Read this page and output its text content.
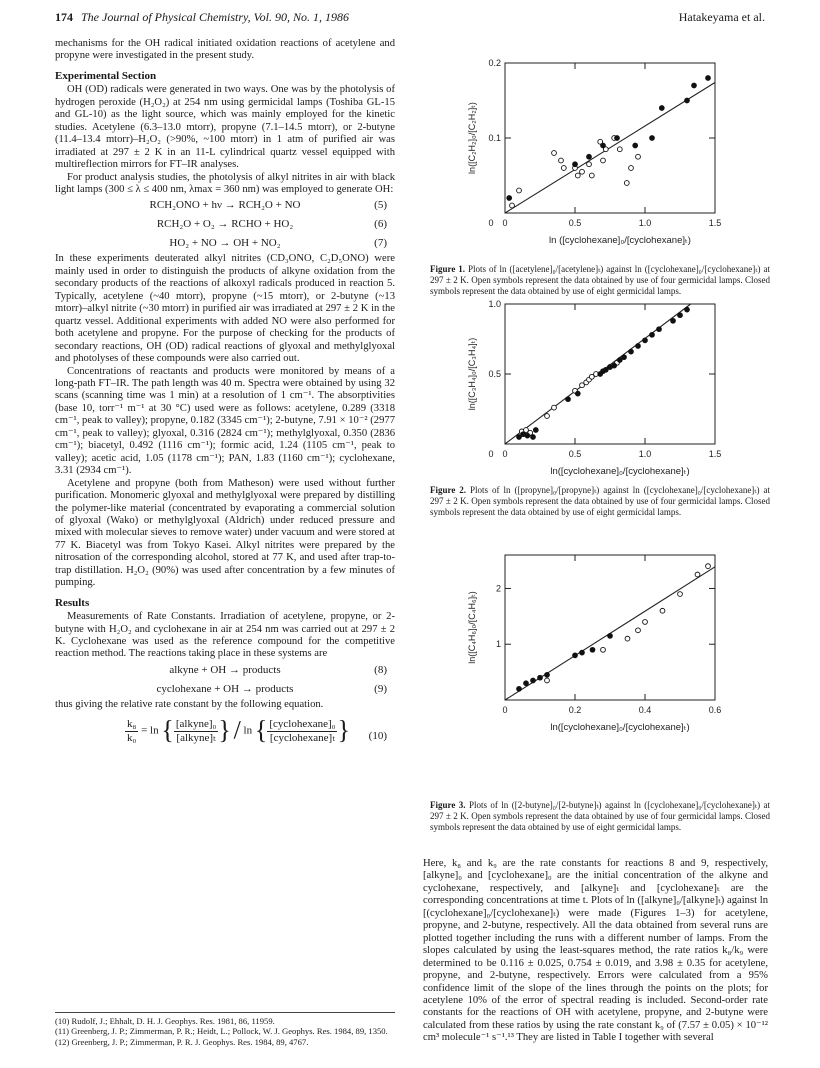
174 The Journal of Physical Chemistry, Vol. 90, No. 1, 1986	Hatakeyama et al.

mechanisms for the OH radical initiated oxidation reactions of acetylene and propyne were investigated in the present study.

Experimental Section

OH (OD) radicals were generated in two ways. One was by the photolysis of hydrogen peroxide (H₂O₂) at 254 nm using germicidal lamps (Toshiba GL-15 and GL-10) as the light source, which was mainly employed for the kinetic studies. Acetylene (6.3–13.0 mtorr), propyne (7.1–14.5 mtorr), or 2-butyne (11.4–13.4 mtorr)–H₂O₂ (>90%, ~100 mtorr) in 1 atm of purified air was irradiated at 297 ± 2 K in an 11-L cylindrical quartz vessel equipped with multireflection mirrors for FT–IR analyses.

For product analysis studies, the photolysis of alkyl nitrites in air with black light lamps (300 ≤ λ ≤ 400 nm, λmax = 360 nm) was employed to generate OH:

RCH₂ONO + hν → RCH₂O + NO	(5)
RCH₂O + O₂ → RCHO + HO₂	(6)
HO₂ + NO → OH + NO₂	(7)

In these experiments deuterated alkyl nitrites (CD₃ONO, C₂D₅ONO) were mainly used in order to distinguish the products of alkyne oxidation from the secondary products of the reactions of alkoxyl radicals produced in reaction 5. Typically, acetylene (~40 mtorr), propyne (~15 mtorr), or 2-butyne (~13 mtorr)–alkyl nitrite (~30 mtorr) in purified air was irradiated at 297 ± 2 K in the quartz vessel. Additional experiments with added NO were also performed for both acetylene and propyne. For the purpose of checking for the products of secondary reactions, OH (OD) radical reactions of glyoxal and methylglyoxal and photolyses of these compounds were also carried out.

Concentrations of reactants and products were monitored by means of a long-path FT–IR. The path length was 40 m. Spectra were obtained by using 32 scans (scanning time was 1 min) at a resolution of 1 cm⁻¹. The absorptivities (base 10, torr⁻¹ m⁻¹ at 30 °C) used were as follows: acetylene, 0.289 (3318 cm⁻¹, peak to valley); propyne, 0.182 (3345 cm⁻¹); 2-butyne, 7.91 × 10⁻² (2977 cm⁻¹, peak to valley); glyoxal, 0.316 (2824 cm⁻¹); methylglyoxal, 0.350 (2836 cm⁻¹); biacetyl, 0.492 (1116 cm⁻¹); formic acid, 1.24 (1105 cm⁻¹, peak to valley); acetic acid, 1.05 (1178 cm⁻¹); PAN, 1.83 (1160 cm⁻¹); cyclohexane, 3.31 (2934 cm⁻¹).

Acetylene and propyne (both from Matheson) were used without further purification. Monomeric glyoxal and methylglyoxal were prepared by distilling the polymer-like material (concentrated by evaporating a commercial solution of glyoxal (Wako) or methylglyoxal (Aldrich) under reduced pressure and mixed with molecular sieves to remove water) under vacuum and were stored at 77 K. Biacetyl was from Tokyo Kasei. Alkyl nitrites were prepared by the nitrosation of the corresponding alcohol, stored at 77 K, and used after trap-to-trap distillation. H₂O₂ (90%) was used after concentration by a few minutes of pumping.

Results

Measurements of Rate Constants. Irradiation of acetylene, propyne, or 2-butyne with H₂O₂ and cyclohexane in air at 254 nm was carried out at 297 ± 2 K. Cyclohexane was used as the reference compound for the competitive reaction method. The reactions taking place in these systems are

alkyne + OH → products	(8)
cyclohexane + OH → products	(9)

thus giving the relative rate constant by the following equation.

$\frac{\text{k₈}}{\text{k₀}} = \ln$ { [alkyne]₀
[alkyne]ₜ } / ln { [cyclohexane]₀
[cyclohexane]ₜ } (10)
(10) Rudolf, J.; Ehhalt, D. H. J. Geophys. Res. 1981, 86, 11959.
(11) Greenberg, J. P.; Zimmerman, P. R.; Heidt, L.; Pollock, W. J. Geophys. Res. 1984, 89, 1350.
(12) Greenberg, J. P.; Zimmerman, P. R. J. Geophys. Res. 1984, 89, 4767.
0	0.5	1.0	1.5
0.1
0.2
0
ln([C₂H₂]₀/[C₂H₂]ₜ)
ln ([cyclohexane]₀/[cyclohexane]ₜ)
Figure 1. Plots of ln ([acetylene]₀/[acetylene]ₜ) against ln ([cyclohexane]₀/[cyclohexane]ₜ) at 297 ± 2 K. Open symbols represent the data obtained by use of four germicidal lamps. Closed symbols represent the data obtained by use of eight germicidal lamps.
0	0.5	1.0	1.5
0.5
1.0
0
ln([C₃H₄]₀/[C₃H₄]ₜ)
ln([cyclohexane]₀/[cyclohexane]ₜ)
Figure 2. Plots of ln ([propyne]₀/[propyne]ₜ) against ln ([cyclohexane]₀/[cyclohexane]ₜ) at 297 ± 2 K. Open symbols represent the data obtained by use of four germicidal lamps. Closed symbols represent the data obtained by use of eight germicidal lamps.
0	0.2	0.4	0.6
1
2
ln([C₄H₆]₀/[C₄H₆]ₜ)
ln([cyclohexane]₀/[cyclohexane]ₜ)
Figure 3. Plots of ln ([2-butyne]₀/[2-butyne]ₜ) against ln ([cyclohexane]₀/[cyclohexane]ₜ) at 297 ± 2 K. Open symbols represent the data obtained by use of four germicidal lamps. Closed symbols represent the data obtained by use of eight germicidal lamps.
Here, k₈ and k₉ are the rate constants for reactions 8 and 9, respectively, [alkyne]₀ and [cyclohexane]₀ are the initial concentration of the alkyne and cyclohexane, respectively, and [alkyne]ₜ and [cyclohexane]ₜ are the corresponding concentrations at time t. Plots of ln ([alkyne]₀/[alkyne]ₜ) against ln [(cyclohexane]₀/[cyclohexane]ₜ) were made (Figures 1–3) for acetylene, propyne, and 2-butyne, respectively. All the data obtained from several runs are plotted together including the runs with a different number of lamps. From the slopes calculated by using the least-squares method, the rate ratios k₈/k₉ were determined to be 0.116 ± 0.025, 0.754 ± 0.019, and 3.98 ± 0.35 for acetylene, propyne, and 2-butyne, respectively. Errors were calculated from a 95% confidence limit of the slope of the lines through the points on the plots; for acetylene 10% of the error of spectral reading is included. Second-order rate constants for the reactions of OH with acetylene, propyne, and 2-butyne were calculated from these ratios by using the rate constant k₉ of (7.57 ± 0.05) × 10⁻¹² cm³ molecule⁻¹ s⁻¹.¹³ They are listed in Table I together with several
